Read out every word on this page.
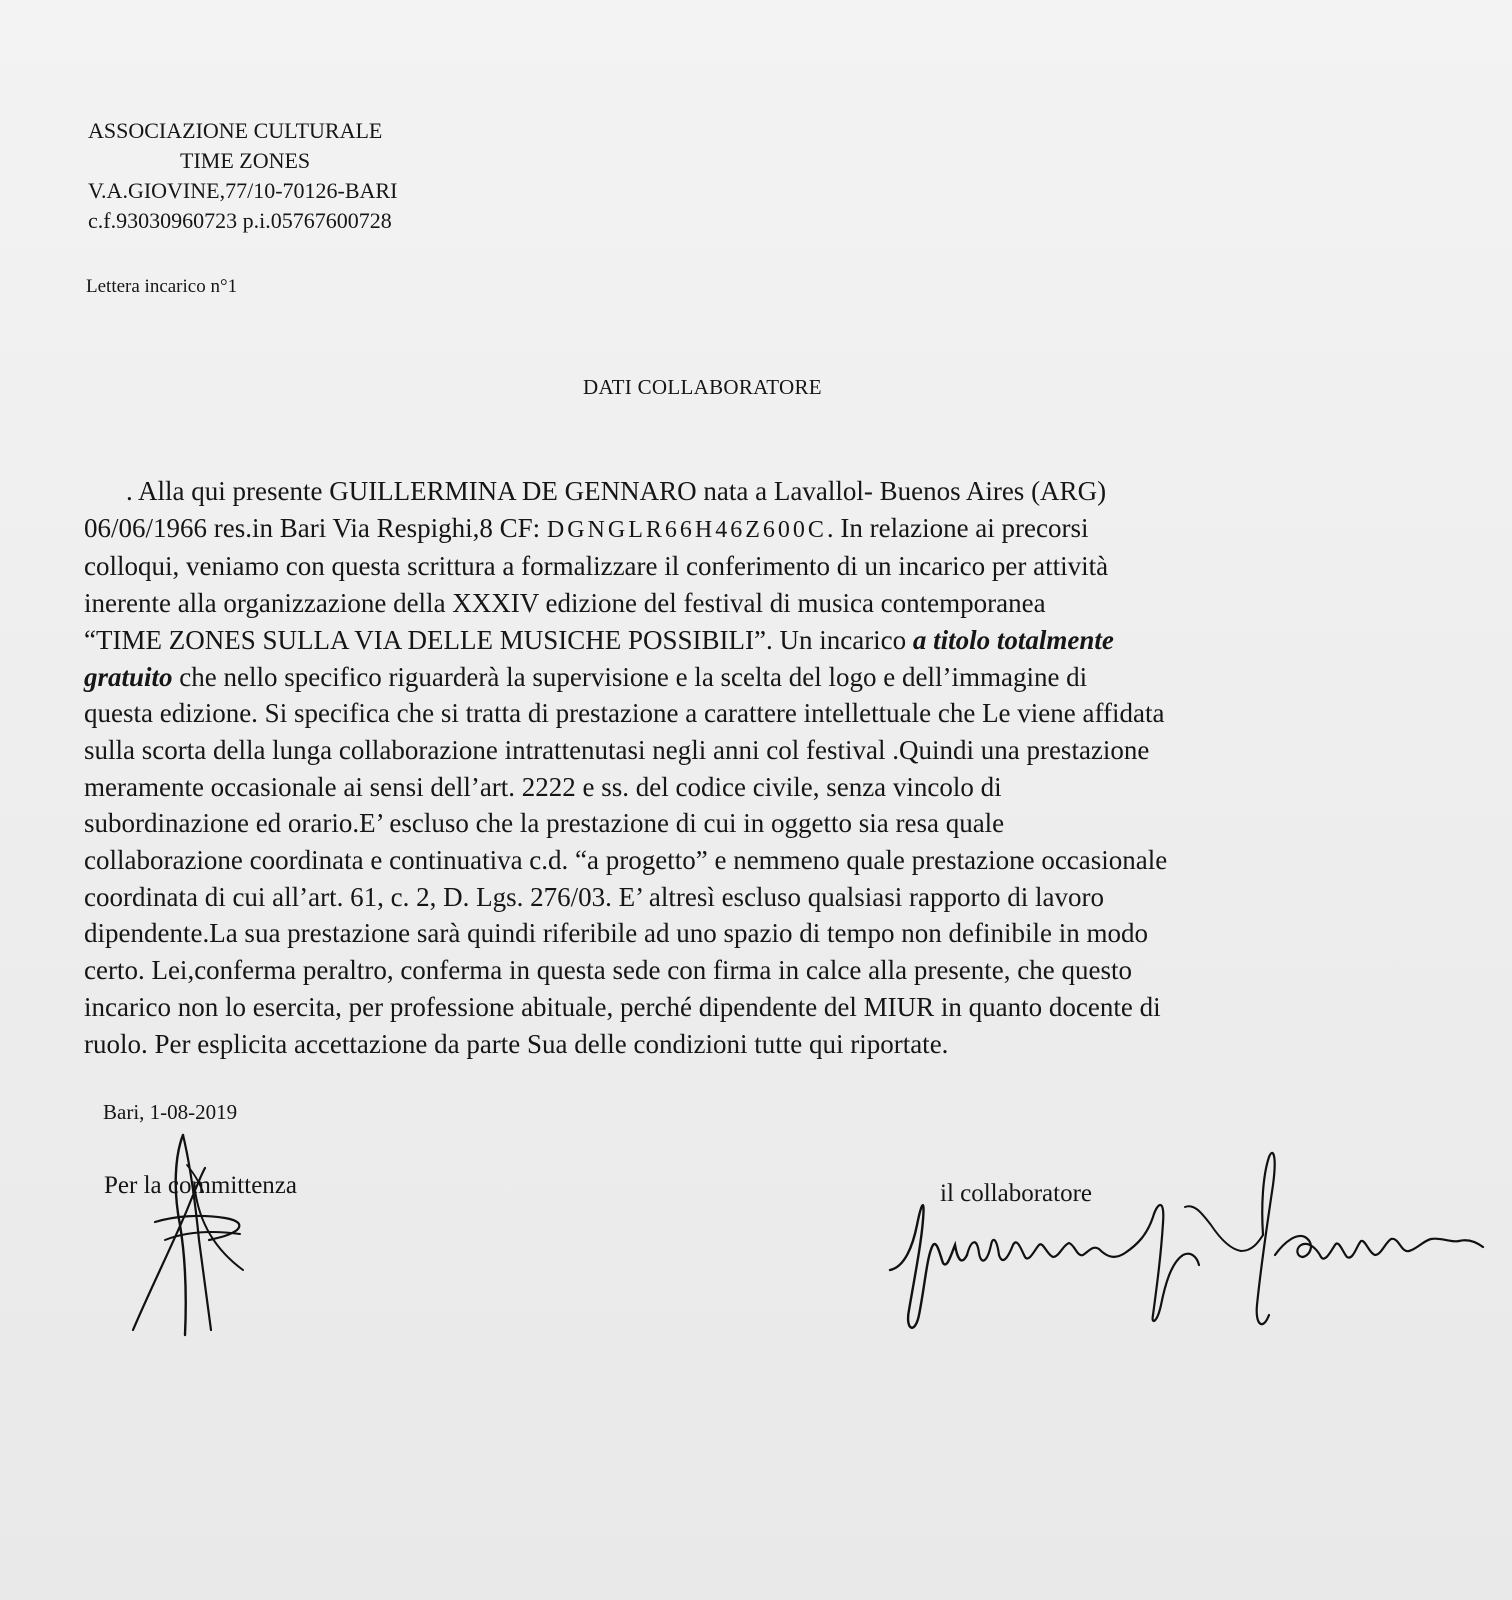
ASSOCIAZIONE CULTURALE
TIME ZONES
V.A.GIOVINE,77/10-70126-BARI
c.f.93030960723 p.i.05767600728
Lettera incarico n°1
DATI COLLABORATORE
. Alla qui presente GUILLERMINA DE GENNARO nata a Lavallol- Buenos Aires (ARG)
06/06/1966 res.in Bari Via Respighi,8 CF: DGNGLR66H46Z600C. In relazione ai precorsi
colloqui, veniamo con questa scrittura a formalizzare il conferimento di un incarico per attività
inerente alla organizzazione della XXXIV edizione del festival di musica contemporanea
“TIME ZONES SULLA VIA DELLE MUSICHE POSSIBILI”. Un incarico a titolo totalmente
gratuito che nello specifico riguarderà la supervisione e la scelta del logo e dell’immagine di
questa edizione. Si specifica che si tratta di prestazione a carattere intellettuale che Le viene affidata
sulla scorta della lunga collaborazione intrattenutasi negli anni col festival .Quindi una prestazione
meramente occasionale ai sensi dell’art. 2222 e ss. del codice civile, senza vincolo di
subordinazione ed orario.E’ escluso che la prestazione di cui in oggetto sia resa quale
collaborazione coordinata e continuativa c.d. “a progetto” e nemmeno quale prestazione occasionale
coordinata di cui all’art. 61, c. 2, D. Lgs. 276/03. E’ altresì escluso qualsiasi rapporto di lavoro
dipendente.La sua prestazione sarà quindi riferibile ad uno spazio di tempo non definibile in modo
certo. Lei,conferma peraltro, conferma in questa sede con firma in calce alla presente, che questo
incarico non lo esercita, per professione abituale, perché dipendente del MIUR in quanto docente di
ruolo. Per esplicita accettazione da parte Sua delle condizioni tutte qui riportate.
Bari, 1-08-2019
Per la committenza	il collaboratore
